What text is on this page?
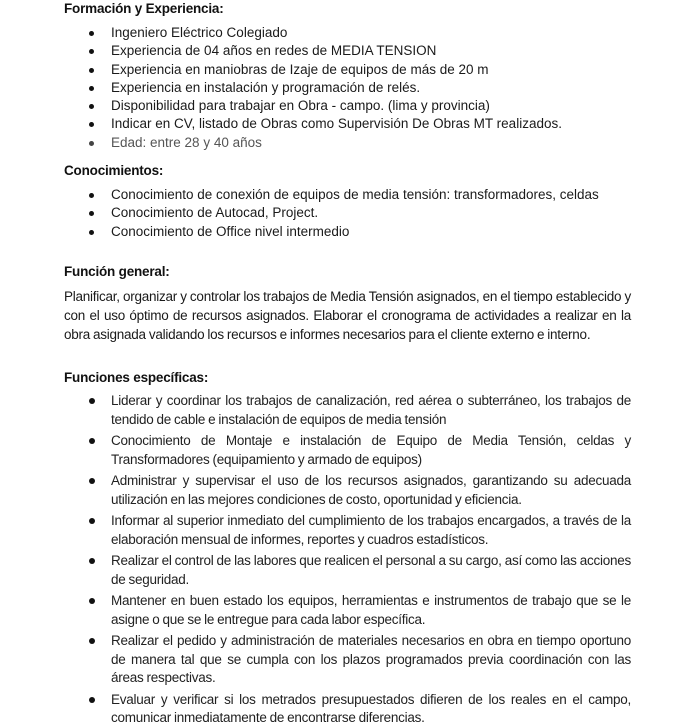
Formación y Experiencia:
Ingeniero Eléctrico Colegiado
Experiencia de 04 años en redes de MEDIA TENSION
Experiencia en maniobras de Izaje de equipos de más de 20 m
Experiencia en instalación y programación de relés.
Disponibilidad para trabajar en Obra - campo. (lima y provincia)
Indicar en CV, listado de Obras como Supervisión De Obras MT realizados.
Edad: entre 28 y 40 años
Conocimientos:
Conocimiento de conexión de equipos de media tensión: transformadores, celdas
Conocimiento de Autocad, Project.
Conocimiento de Office nivel intermedio
Función general:

Planificar, organizar y controlar los trabajos de Media Tensión asignados, en el tiempo establecido y con el uso óptimo de recursos asignados. Elaborar el cronograma de actividades a realizar en la obra asignada validando los recursos e informes necesarios para el cliente externo e interno.

Funciones específicas:
Liderar y coordinar los trabajos de canalización, red aérea o subterráneo, los trabajos de tendido de cable e instalación de equipos de media tensión
Conocimiento de Montaje e instalación de Equipo de Media Tensión, celdas y Transformadores (equipamiento y armado de equipos)
Administrar y supervisar el uso de los recursos asignados, garantizando su adecuada utilización en las mejores condiciones de costo, oportunidad y eficiencia.
Informar al superior inmediato del cumplimiento de los trabajos encargados, a través de la elaboración mensual de informes, reportes y cuadros estadísticos.
Realizar el control de las labores que realicen el personal a su cargo, así como las acciones de seguridad.
Mantener en buen estado los equipos, herramientas e instrumentos de trabajo que se le asigne o que se le entregue para cada labor específica.
Realizar el pedido y administración de materiales necesarios en obra en tiempo oportuno de manera tal que se cumpla con los plazos programados previa coordinación con las áreas respectivas.
Evaluar y verificar si los metrados presupuestados difieren de los reales en el campo, comunicar inmediatamente de encontrarse diferencias.
